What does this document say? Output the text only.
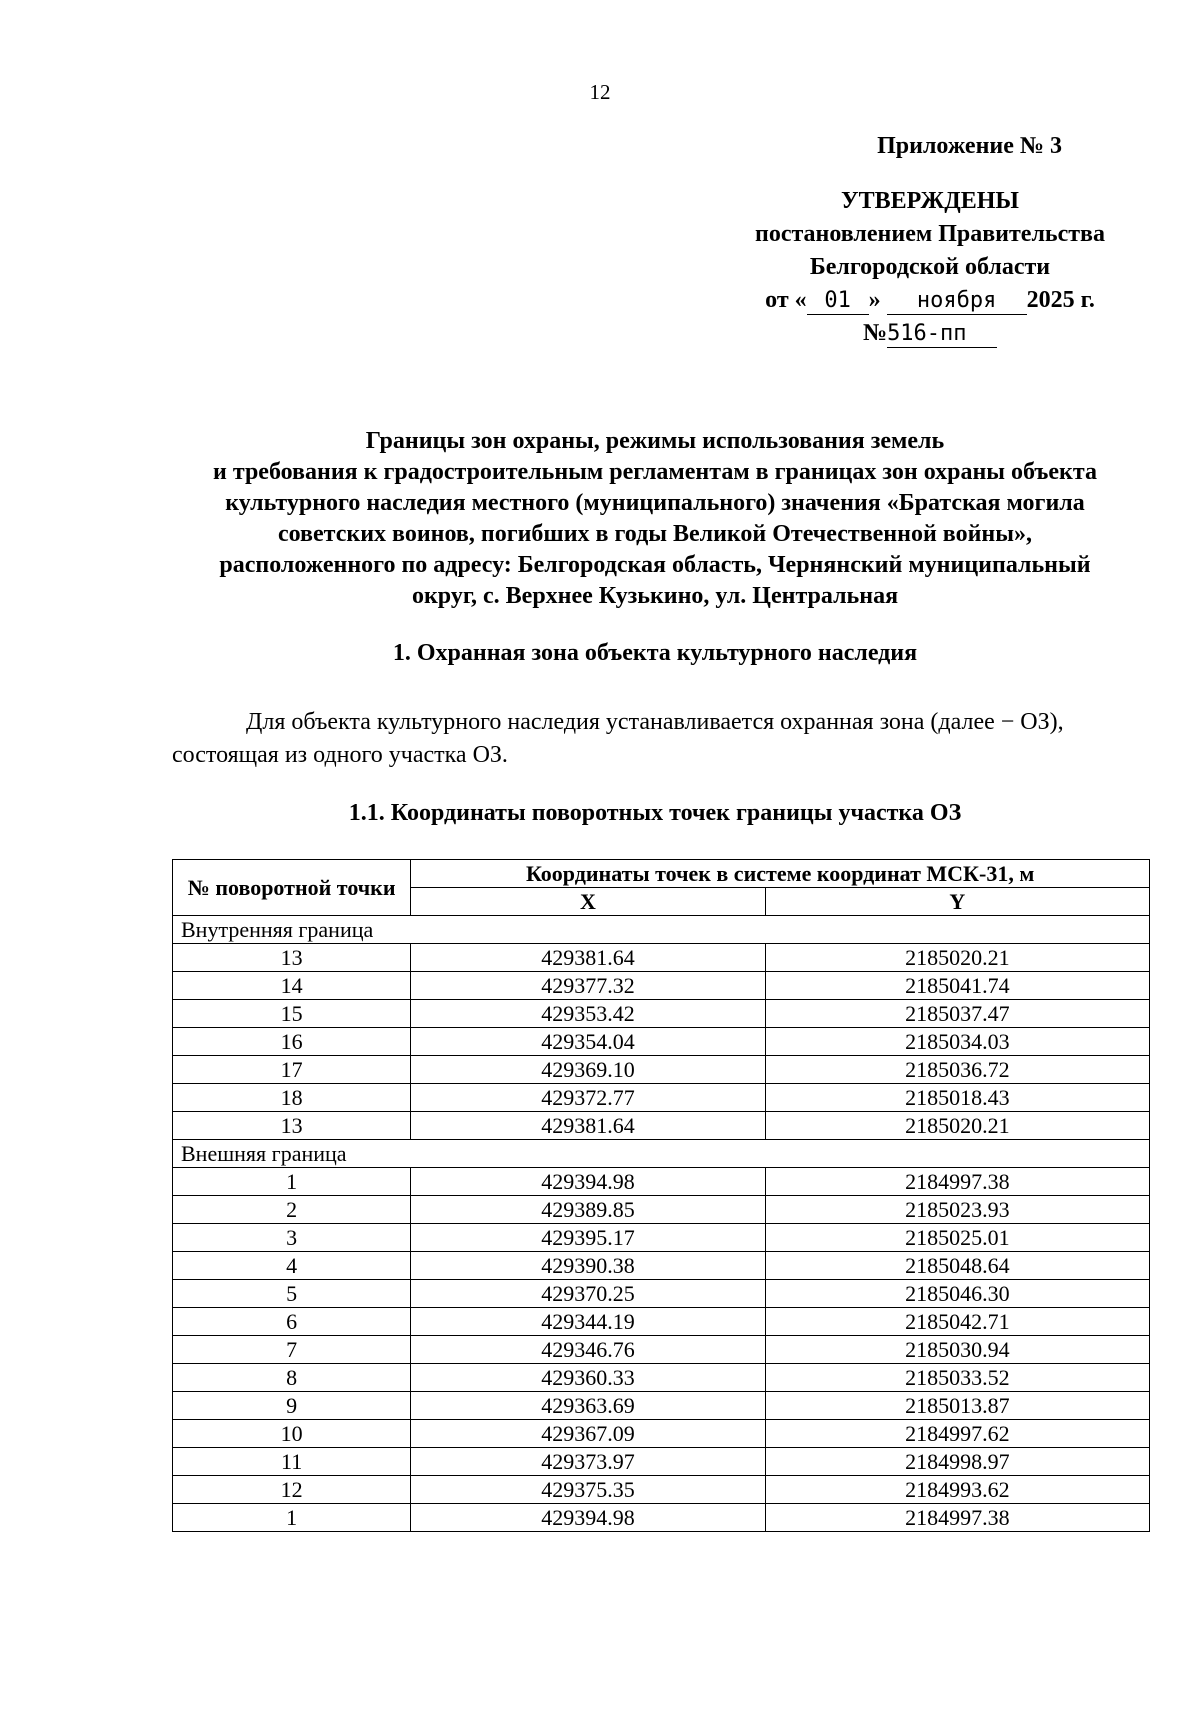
12
Приложение № 3
УТВЕРЖДЕНЫ
постановлением Правительства
Белгородской области
от « 01 » ноября 2025 г.
№516-пп
Границы зон охраны, режимы использования земель
и требования к градостроительным регламентам в границах зон охраны объекта
культурного наследия местного (муниципального) значения «Братская могила
советских воинов, погибших в годы Великой Отечественной войны»,
расположенного по адресу: Белгородская область, Чернянский муниципальный
округ, с. Верхнее Кузькино, ул. Центральная
1. Охранная зона объекта культурного наследия
Для объекта культурного наследия устанавливается охранная зона (далее − ОЗ), состоящая из одного участка ОЗ.
1.1. Координаты поворотных точек границы участка ОЗ
№ поворотной точки	Координаты точек в системе координат МСК-31, м	
	X	Y
Внутренняя граница		
13	429381.64	2185020.21
14	429377.32	2185041.74
15	429353.42	2185037.47
16	429354.04	2185034.03
17	429369.10	2185036.72
18	429372.77	2185018.43
13	429381.64	2185020.21
Внешняя граница		
1	429394.98	2184997.38
2	429389.85	2185023.93
3	429395.17	2185025.01
4	429390.38	2185048.64
5	429370.25	2185046.30
6	429344.19	2185042.71
7	429346.76	2185030.94
8	429360.33	2185033.52
9	429363.69	2185013.87
10	429367.09	2184997.62
11	429373.97	2184998.97
12	429375.35	2184993.62
1	429394.98	2184997.38
